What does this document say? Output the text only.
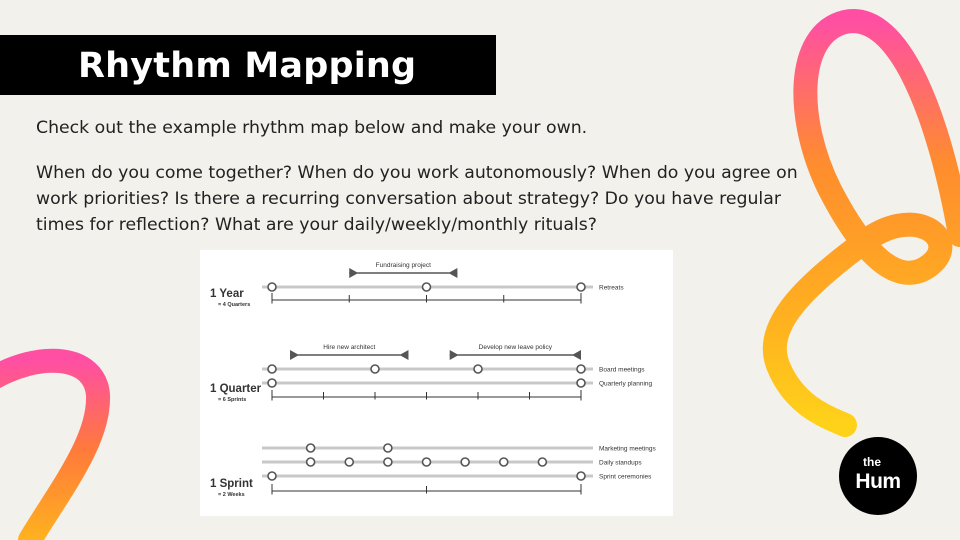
Rhythm Mapping
Check out the example rhythm map below and make your own.
When do you come together? When do you work autonomously? When do you agree on work priorities? Is there a recurring conversation about strategy? Do you have regular times for reflection? What are your daily/weekly/monthly rituals?
1 Year
= 4 Quarters
Retreats
Fundraising project
1 Quarter
= 6 Sprints
Board meetings
Quarterly planning
Hire new architect	Develop new leave policy
1 Sprint
= 2 Weeks
Marketing meetings
Daily standups
Sprint ceremonies
the
Hum
